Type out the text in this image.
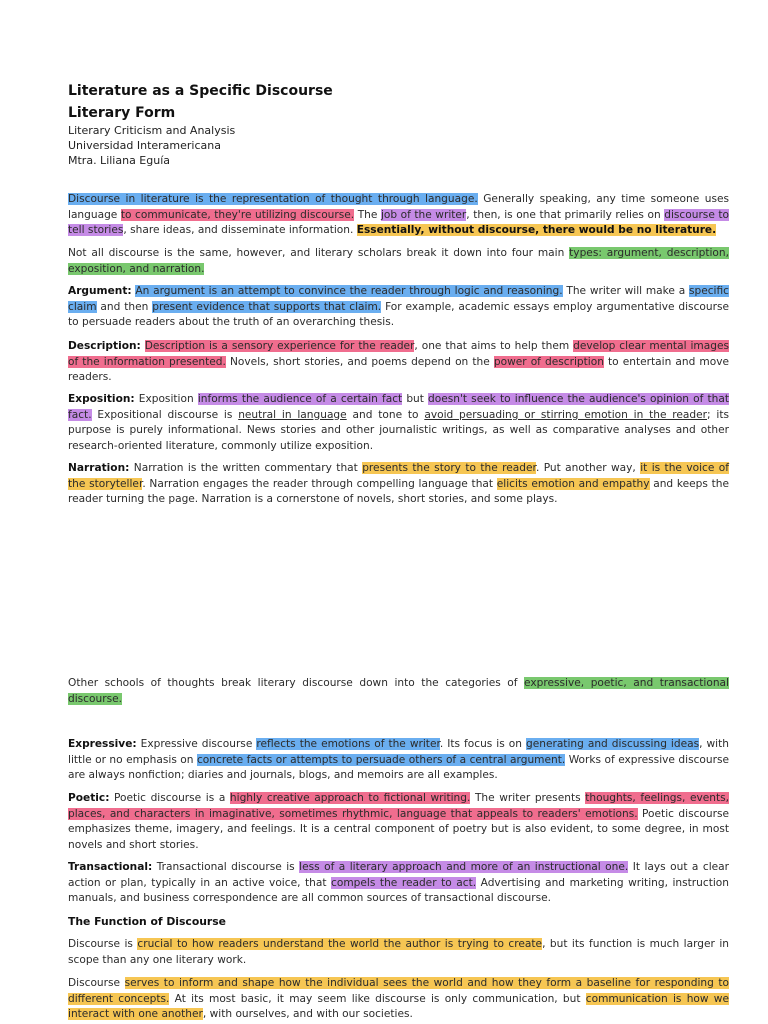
Literature as a Specific Discourse
Literary Form
Literary Criticism and Analysis
Universidad Interamericana
Mtra. Liliana Eguía

Discourse in literature is the representation of thought through language. Generally speaking, any time someone uses language to communicate, they're utilizing discourse. The job of the writer, then, is one that primarily relies on discourse to tell stories, share ideas, and disseminate information. Essentially, without discourse, there would be no literature.

Not all discourse is the same, however, and literary scholars break it down into four main types: argument, description, exposition, and narration.

Argument: An argument is an attempt to convince the reader through logic and reasoning. The writer will make a specific claim and then present evidence that supports that claim. For example, academic essays employ argumentative discourse to persuade readers about the truth of an overarching thesis.

Description: Description is a sensory experience for the reader, one that aims to help them develop clear mental images of the information presented. Novels, short stories, and poems depend on the power of description to entertain and move readers.

Exposition: Exposition informs the audience of a certain fact but doesn't seek to influence the audience's opinion of that fact. Expositional discourse is neutral in language and tone to avoid persuading or stirring emotion in the reader; its purpose is purely informational. News stories and other journalistic writings, as well as comparative analyses and other research-oriented literature, commonly utilize exposition.

Narration: Narration is the written commentary that presents the story to the reader. Put another way, it is the voice of the storyteller. Narration engages the reader through compelling language that elicits emotion and empathy and keeps the reader turning the page. Narration is a cornerstone of novels, short stories, and some plays.

Other schools of thoughts break literary discourse down into the categories of expressive, poetic, and transactional discourse.

Expressive: Expressive discourse reflects the emotions of the writer. Its focus is on generating and discussing ideas, with little or no emphasis on concrete facts or attempts to persuade others of a central argument. Works of expressive discourse are always nonfiction; diaries and journals, blogs, and memoirs are all examples.

Poetic: Poetic discourse is a highly creative approach to fictional writing. The writer presents thoughts, feelings, events, places, and characters in imaginative, sometimes rhythmic, language that appeals to readers' emotions. Poetic discourse emphasizes theme, imagery, and feelings. It is a central component of poetry but is also evident, to some degree, in most novels and short stories.

Transactional: Transactional discourse is less of a literary approach and more of an instructional one. It lays out a clear action or plan, typically in an active voice, that compels the reader to act. Advertising and marketing writing, instruction manuals, and business correspondence are all common sources of transactional discourse.

The Function of Discourse

Discourse is crucial to how readers understand the world the author is trying to create, but its function is much larger in scope than any one literary work.

Discourse serves to inform and shape how the individual sees the world and how they form a baseline for responding to different concepts. At its most basic, it may seem like discourse is only communication, but communication is how we interact with one another, with ourselves, and with our societies.
